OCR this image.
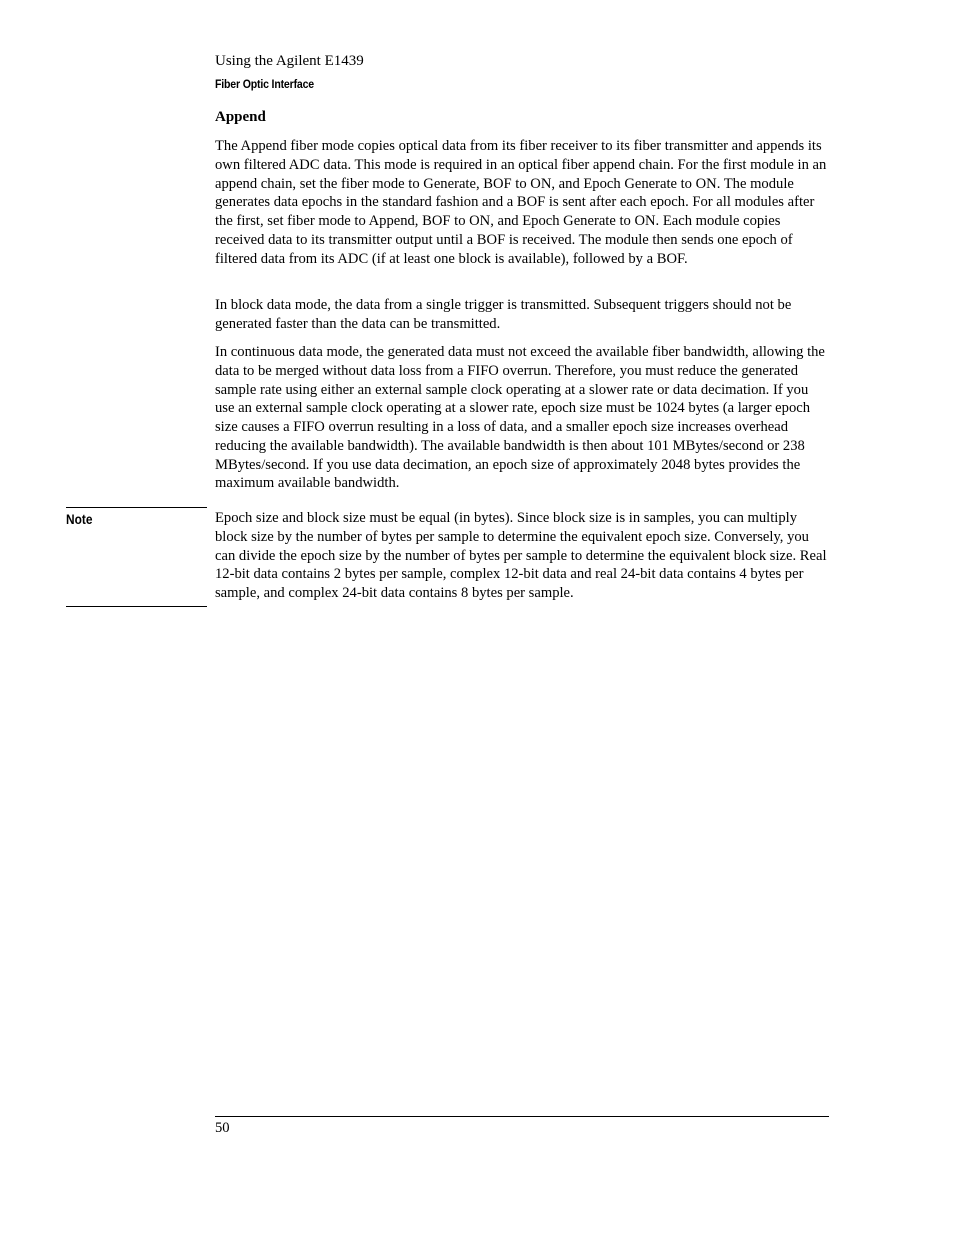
Using the Agilent E1439

Fiber Optic Interface

Append

The Append fiber mode copies optical data from its fiber receiver to its fiber transmitter and appends its own filtered ADC data. This mode is required in an optical fiber append chain. For the first module in an append chain, set the fiber mode to Generate, BOF to ON, and Epoch Generate to ON. The module generates data epochs in the standard fashion and a BOF is sent after each epoch. For all modules after the first, set fiber mode to Append, BOF to ON, and Epoch Generate to ON. Each module copies received data to its transmitter output until a BOF is received. The module then sends one epoch of filtered data from its ADC (if at least one block is available), followed by a BOF.

In block data mode, the data from a single trigger is transmitted. Subsequent triggers should not be generated faster than the data can be transmitted.

In continuous data mode, the generated data must not exceed the available fiber bandwidth, allowing the data to be merged without data loss from a FIFO overrun. Therefore, you must reduce the generated sample rate using either an external sample clock operating at a slower rate or data decimation. If you use an external sample clock operating at a slower rate, epoch size must be 1024 bytes (a larger epoch size causes a FIFO overrun resulting in a loss of data, and a smaller epoch size increases overhead reducing the available bandwidth). The available bandwidth is then about 101 MBytes/second or 238 MBytes/second. If you use data decimation, an epoch size of approximately 2048 bytes provides the maximum available bandwidth.

Note	Epoch size and block size must be equal (in bytes). Since block size is in samples, you can multiply block size by the number of bytes per sample to determine the equivalent epoch size. Conversely, you can divide the epoch size by the number of bytes per sample to determine the equivalent block size. Real 12-bit data contains 2 bytes per sample, complex 12-bit data and real 24-bit data contains 4 bytes per sample, and complex 24-bit data contains 8 bytes per sample.

50
